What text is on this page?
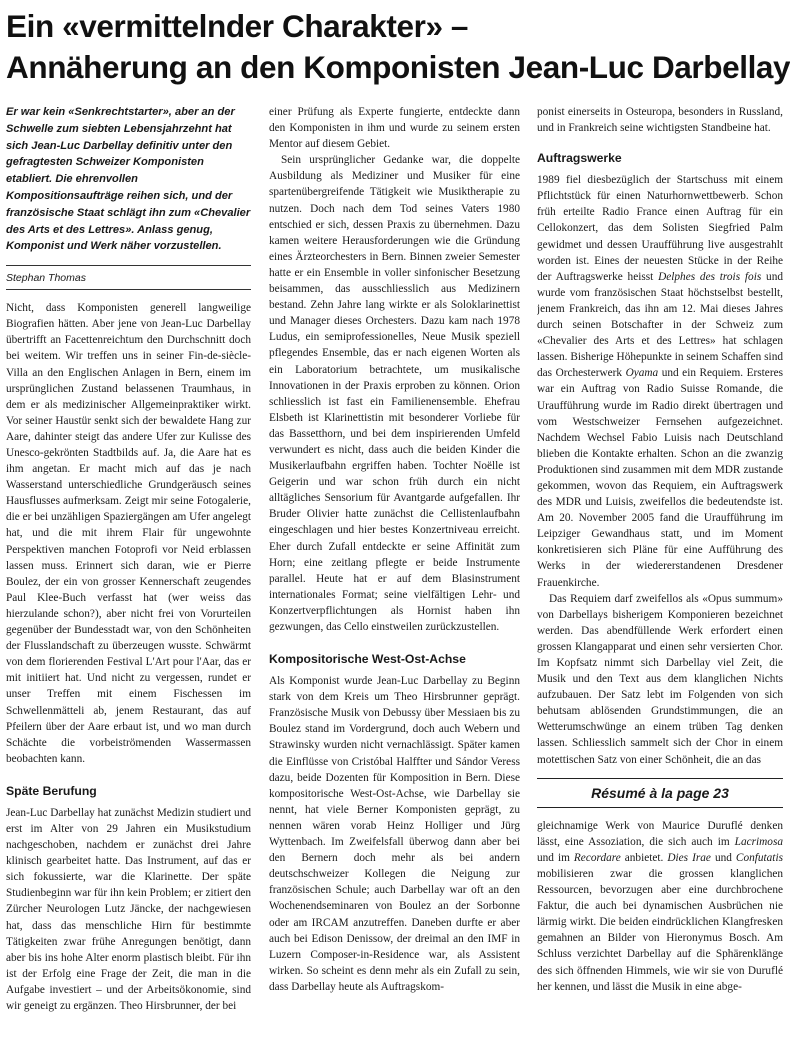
Ein «vermittelnder Charakter» –
Annäherung an den Komponisten Jean-Luc Darbellay

Er war kein «Senkrechtstarter», aber an der Schwelle zum siebten Lebensjahrzehnt hat sich Jean-Luc Darbellay definitiv unter den gefragtesten Schweizer Komponisten etabliert. Die ehrenvollen Kompositionsaufträge reihen sich, und der französische Staat schlägt ihn zum «Chevalier des Arts et des Lettres». Anlass genug, Komponist und Werk näher vorzustellen.

Stephan Thomas

Nicht, dass Komponisten generell langweilige Biografien hätten. Aber jene von Jean-Luc Darbellay übertrifft an Facettenreichtum den Durchschnitt doch bei weitem. Wir treffen uns in seiner Fin-de-siècle-Villa an den Englischen Anlagen in Bern, einem im ursprünglichen Zustand belassenen Traumhaus, in dem er als medizinischer Allgemeinpraktiker wirkt. Vor seiner Haustür senkt sich der bewaldete Hang zur Aare, dahinter steigt das andere Ufer zur Kulisse des Unesco-gekrönten Stadtbilds auf. Ja, die Aare hat es ihm angetan. Er macht mich auf das je nach Wasserstand unterschiedliche Grundgeräusch seines Hausflusses aufmerksam. Zeigt mir seine Fotogalerie, die er bei unzähligen Spaziergängen am Ufer angelegt hat, und die mit ihrem Flair für ungewohnte Perspektiven manchen Fotoprofi vor Neid erblassen lassen muss. Erinnert sich daran, wie er Pierre Boulez, der ein von grosser Kennerschaft zeugendes Paul Klee-Buch verfasst hat (wer weiss das hierzulande schon?), aber nicht frei von Vorurteilen gegenüber der Bundesstadt war, von den Schönheiten der Flusslandschaft zu überzeugen wusste. Schwärmt von dem florierenden Festival L'Art pour l'Aar, das er mit initiiert hat. Und nicht zu vergessen, rundet er unser Treffen mit einem Fischessen im Schwellenmätteli ab, jenem Restaurant, das auf Pfeilern über der Aare erbaut ist, und wo man durch Schächte die vorbeiströmenden Wassermassen beobachten kann.

Späte Berufung

Jean-Luc Darbellay hat zunächst Medizin studiert und erst im Alter von 29 Jahren ein Musikstudium nachgeschoben, nachdem er zunächst drei Jahre klinisch gearbeitet hatte. Das Instrument, auf das er sich fokussierte, war die Klarinette. Der späte Studienbeginn war für ihn kein Problem; er zitiert den Zürcher Neurologen Lutz Jäncke, der nachgewiesen hat, dass das menschliche Hirn für bestimmte Tätigkeiten zwar frühe Anregungen benötigt, dann aber bis ins hohe Alter enorm plastisch bleibt. Für ihn ist der Erfolg eine Frage der Zeit, die man in die Aufgabe investiert – und der Arbeitsökonomie, sind wir geneigt zu ergänzen. Theo Hirsbrunner, der bei

einer Prüfung als Experte fungierte, entdeckte dann den Komponisten in ihm und wurde zu seinem ersten Mentor auf diesem Gebiet.

Sein ursprünglicher Gedanke war, die doppelte Ausbildung als Mediziner und Musiker für eine spartenübergreifende Tätigkeit wie Musiktherapie zu nutzen. Doch nach dem Tod seines Vaters 1980 entschied er sich, dessen Praxis zu übernehmen. Dazu kamen weitere Herausforderungen wie die Gründung eines Ärzteorchesters in Bern. Binnen zweier Semester hatte er ein Ensemble in voller sinfonischer Besetzung beisammen, das ausschliesslich aus Medizinern bestand. Zehn Jahre lang wirkte er als Soloklarinettist und Manager dieses Orchesters. Dazu kam nach 1978 Ludus, ein semiprofessionelles, Neue Musik speziell pflegendes Ensemble, das er nach eigenen Worten als ein Laboratorium betrachtete, um musikalische Innovationen in der Praxis erproben zu können. Orion schliesslich ist fast ein Familienensemble. Ehefrau Elsbeth ist Klarinettistin mit besonderer Vorliebe für das Bassetthorn, und bei dem inspirierenden Umfeld verwundert es nicht, dass auch die beiden Kinder die Musikerlaufbahn ergriffen haben. Tochter Noëlle ist Geigerin und war schon früh durch ein nicht alltägliches Sensorium für Avantgarde aufgefallen. Ihr Bruder Olivier hatte zunächst die Cellistenlaufbahn eingeschlagen und hier bestes Konzertniveau erreicht. Eher durch Zufall entdeckte er seine Affinität zum Horn; eine zeitlang pflegte er beide Instrumente parallel. Heute hat er auf dem Blasinstrument internationales Format; seine vielfältigen Lehr- und Konzertverpflichtungen als Hornist haben ihn gezwungen, das Cello einstweilen zurückzustellen.

Kompositorische West-Ost-Achse

Als Komponist wurde Jean-Luc Darbellay zu Beginn stark von dem Kreis um Theo Hirsbrunner geprägt. Französische Musik von Debussy über Messiaen bis zu Boulez stand im Vordergrund, doch auch Webern und Strawinsky wurden nicht vernachlässigt. Später kamen die Einflüsse von Cristóbal Halffter und Sándor Veress dazu, beide Dozenten für Komposition in Bern. Diese kompositorische West-Ost-Achse, wie Darbellay sie nennt, hat viele Berner Komponisten geprägt, zu nennen wären vorab Heinz Holliger und Jürg Wyttenbach. Im Zweifelsfall überwog dann aber bei den Bernern doch mehr als bei andern deutschschweizer Kollegen die Neigung zur französischen Schule; auch Darbellay war oft an den Wochenendseminaren von Boulez an der Sorbonne oder am IRCAM anzutreffen. Daneben durfte er aber auch bei Edison Denissow, der dreimal an den IMF in Luzern Composer-in-Residence war, als Assistent wirken. So scheint es denn mehr als ein Zufall zu sein, dass Darbellay heute als Auftragskom-

ponist einerseits in Osteuropa, besonders in Russland, und in Frankreich seine wichtigsten Standbeine hat.

Auftragswerke

1989 fiel diesbezüglich der Startschuss mit einem Pflichtstück für einen Naturhornwettbewerb. Schon früh erteilte Radio France einen Auftrag für ein Cellokonzert, das dem Solisten Siegfried Palm gewidmet und dessen Uraufführung live ausgestrahlt worden ist. Eines der neuesten Stücke in der Reihe der Auftragswerke heisst Delphes des trois fois und wurde vom französischen Staat höchstselbst bestellt, jenem Frankreich, das ihn am 12. Mai dieses Jahres durch seinen Botschafter in der Schweiz zum «Chevalier des Arts et des Lettres» hat schlagen lassen. Bisherige Höhepunkte in seinem Schaffen sind das Orchesterwerk Oyama und ein Requiem. Ersteres war ein Auftrag von Radio Suisse Romande, die Uraufführung wurde im Radio direkt übertragen und vom Westschweizer Fernsehen aufgezeichnet. Nachdem Wechsel Fabio Luisis nach Deutschland blieben die Kontakte erhalten. Schon an die zwanzig Produktionen sind zusammen mit dem MDR zustande gekommen, wovon das Requiem, ein Auftragswerk des MDR und Luisis, zweifellos die bedeutendste ist. Am 20. November 2005 fand die Uraufführung im Leipziger Gewandhaus statt, und im Moment konkretisieren sich Pläne für eine Aufführung des Werks in der wiedererstandenen Dresdener Frauenkirche.

Das Requiem darf zweifellos als «Opus summum» von Darbellays bisherigem Komponieren bezeichnet werden. Das abendfüllende Werk erfordert einen grossen Klangapparat und einen sehr versierten Chor. Im Kopfsatz nimmt sich Darbellay viel Zeit, die Musik und den Text aus dem klanglichen Nichts aufzubauen. Der Satz lebt im Folgenden von sich behutsam ablösenden Grundstimmungen, die an Wetterumschwünge an einem trüben Tag denken lassen. Schliesslich sammelt sich der Chor in einem motettischen Satz von einer Schönheit, die an das

Résumé à la page 23

gleichnamige Werk von Maurice Duruflé denken lässt, eine Assoziation, die sich auch im Lacrimosa und im Recordare anbietet. Dies Irae und Confutatis mobilisieren zwar die grossen klanglichen Ressourcen, bevorzugen aber eine durchbrochene Faktur, die auch bei dynamischen Ausbrüchen nie lärmig wirkt. Die beiden eindrücklichen Klangfresken gemahnen an Bilder von Hieronymus Bosch. Am Schluss verzichtet Darbellay auf die Sphärenklänge des sich öffnenden Himmels, wie wir sie von Duruflé her kennen, und lässt die Musik in eine abge-
